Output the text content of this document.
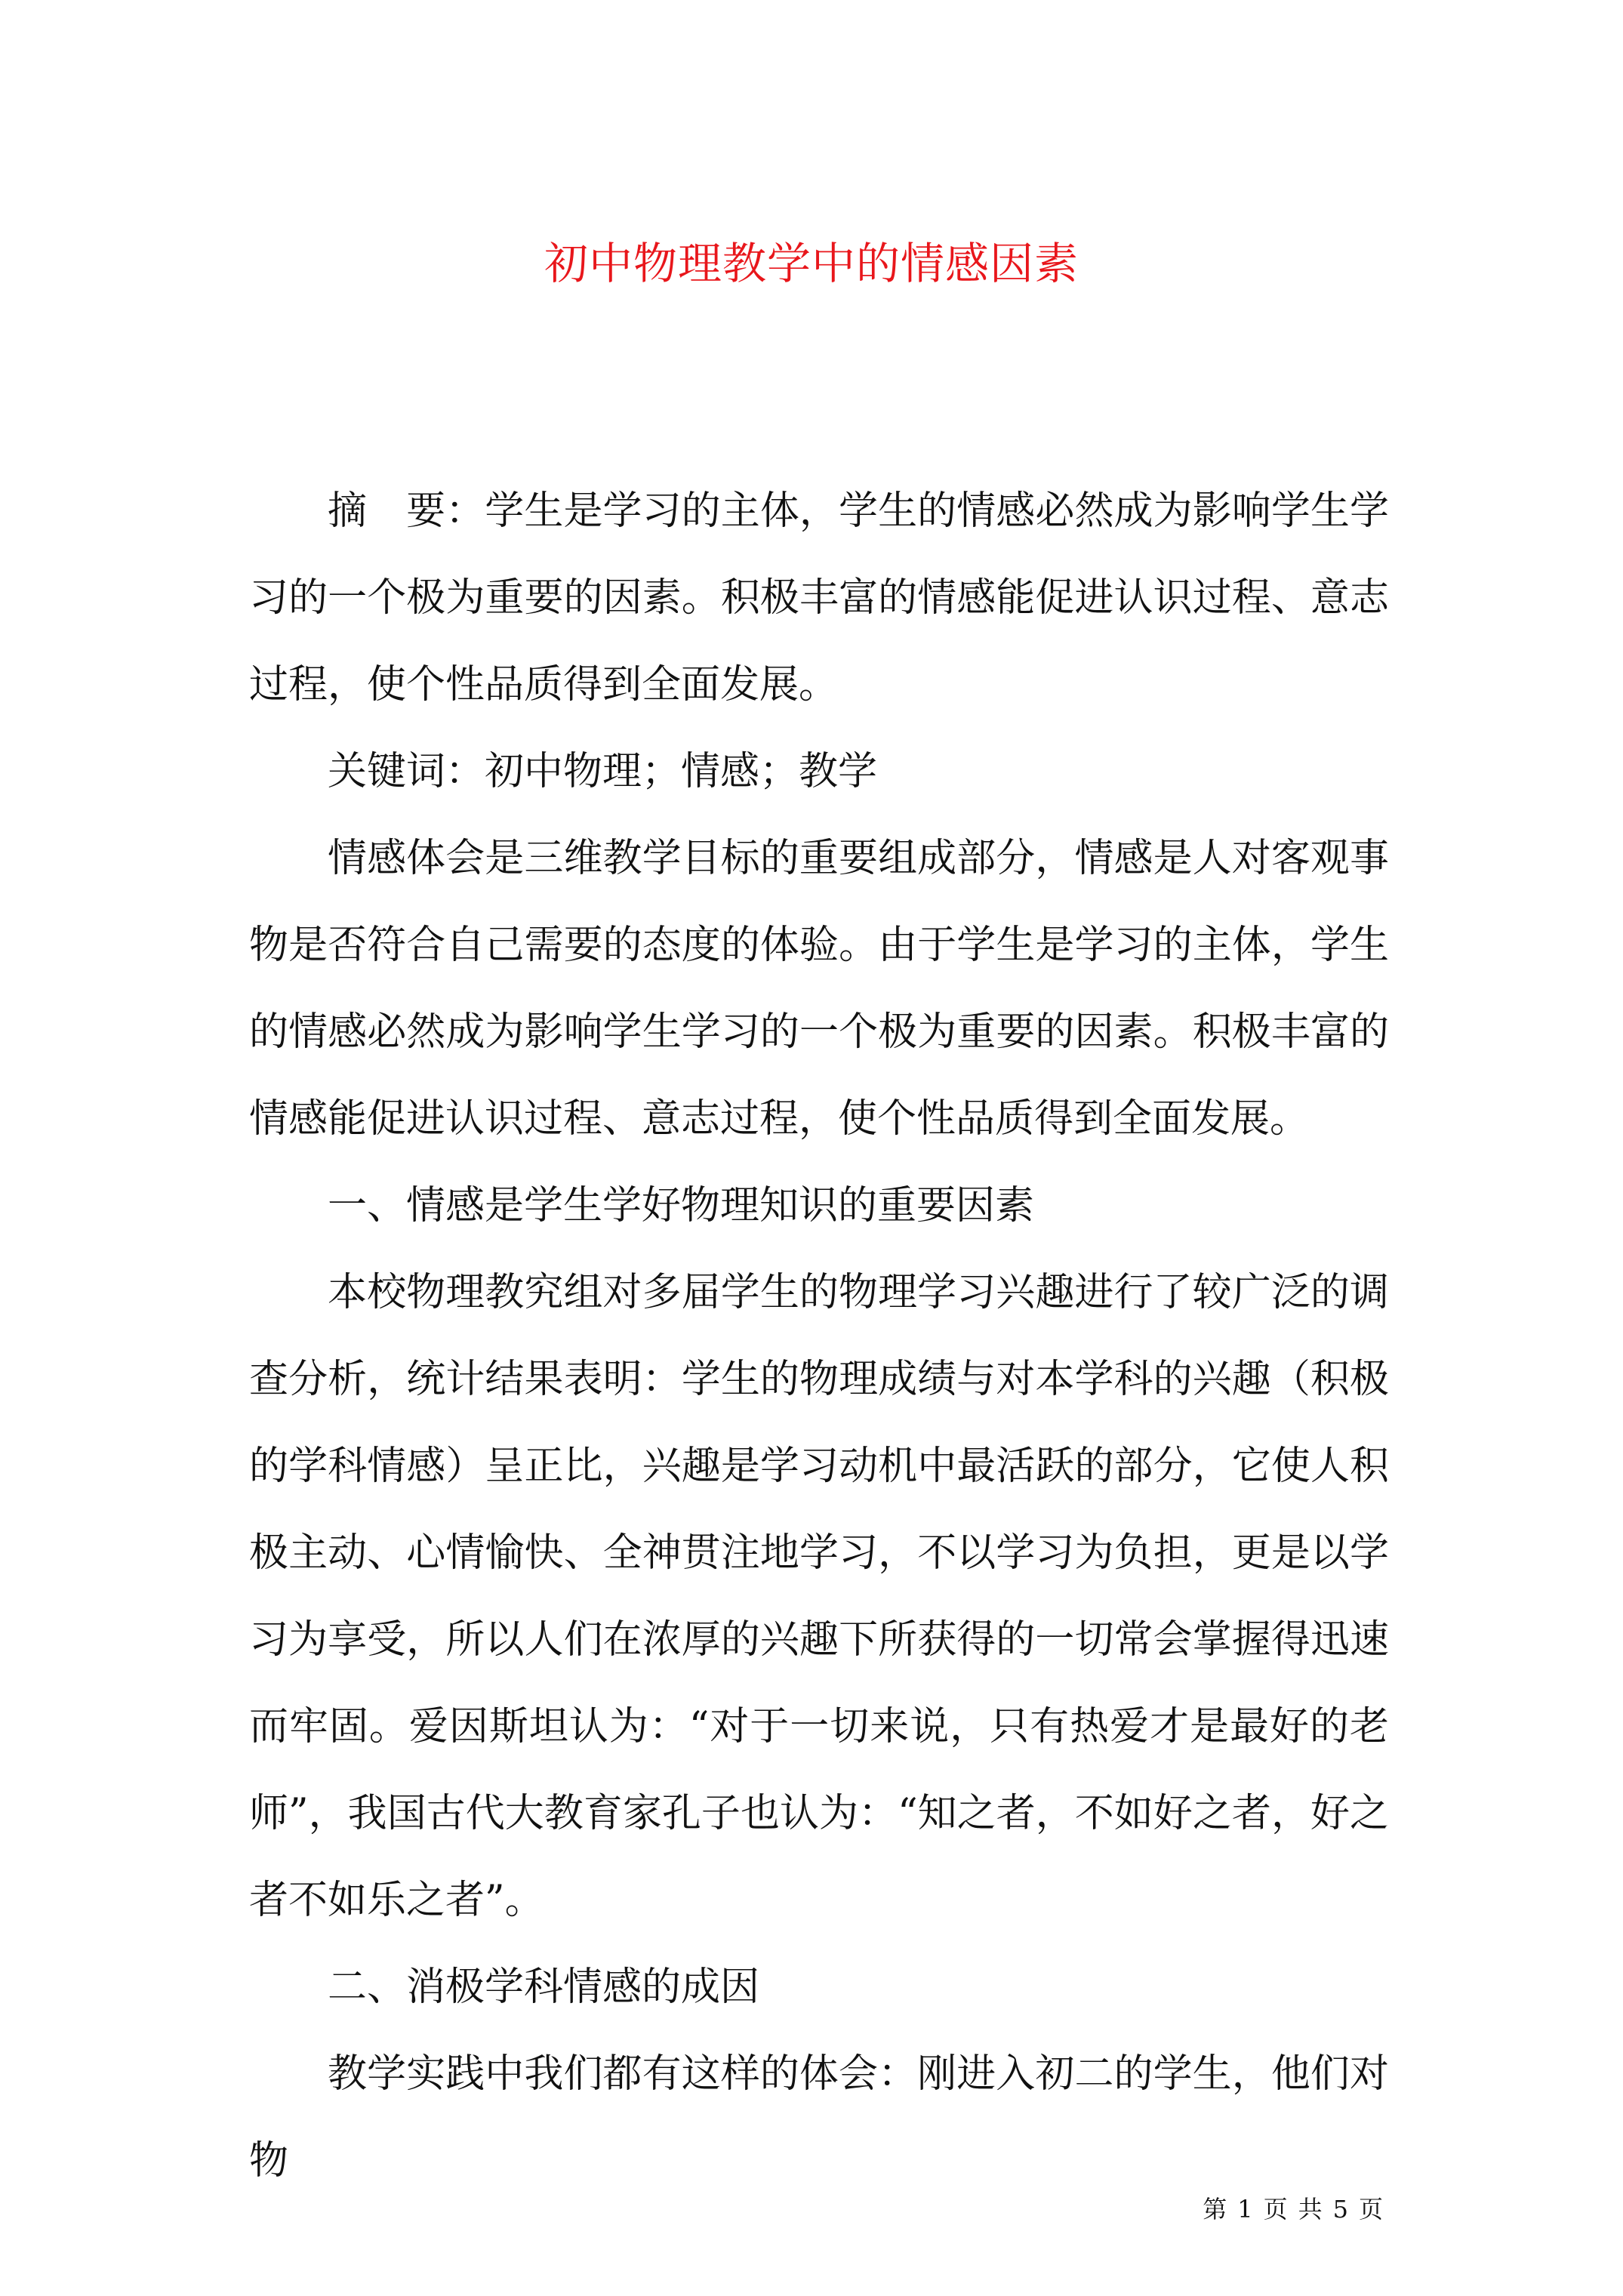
初中物理教学中的情感因素

摘　要：学生是学习的主体，学生的情感必然成为影响学生学习的一个极为重要的因素。积极丰富的情感能促进认识过程、意志过程，使个性品质得到全面发展。

关键词：初中物理；情感；教学

情感体会是三维教学目标的重要组成部分，情感是人对客观事物是否符合自己需要的态度的体验。由于学生是学习的主体，学生的情感必然成为影响学生学习的一个极为重要的因素。积极丰富的情感能促进认识过程、意志过程，使个性品质得到全面发展。

一、情感是学生学好物理知识的重要因素

本校物理教究组对多届学生的物理学习兴趣进行了较广泛的调查分析，统计结果表明：学生的物理成绩与对本学科的兴趣（积极的学科情感）呈正比，兴趣是学习动机中最活跃的部分，它使人积极主动、心情愉快、全神贯注地学习，不以学习为负担，更是以学习为享受，所以人们在浓厚的兴趣下所获得的一切常会掌握得迅速而牢固。爱因斯坦认为：“对于一切来说，只有热爱才是最好的老师”，我国古代大教育家孔子也认为：“知之者，不如好之者，好之者不如乐之者”。

二、消极学科情感的成因

教学实践中我们都有这样的体会：刚进入初二的学生，他们对物

第 1 页 共 5 页
